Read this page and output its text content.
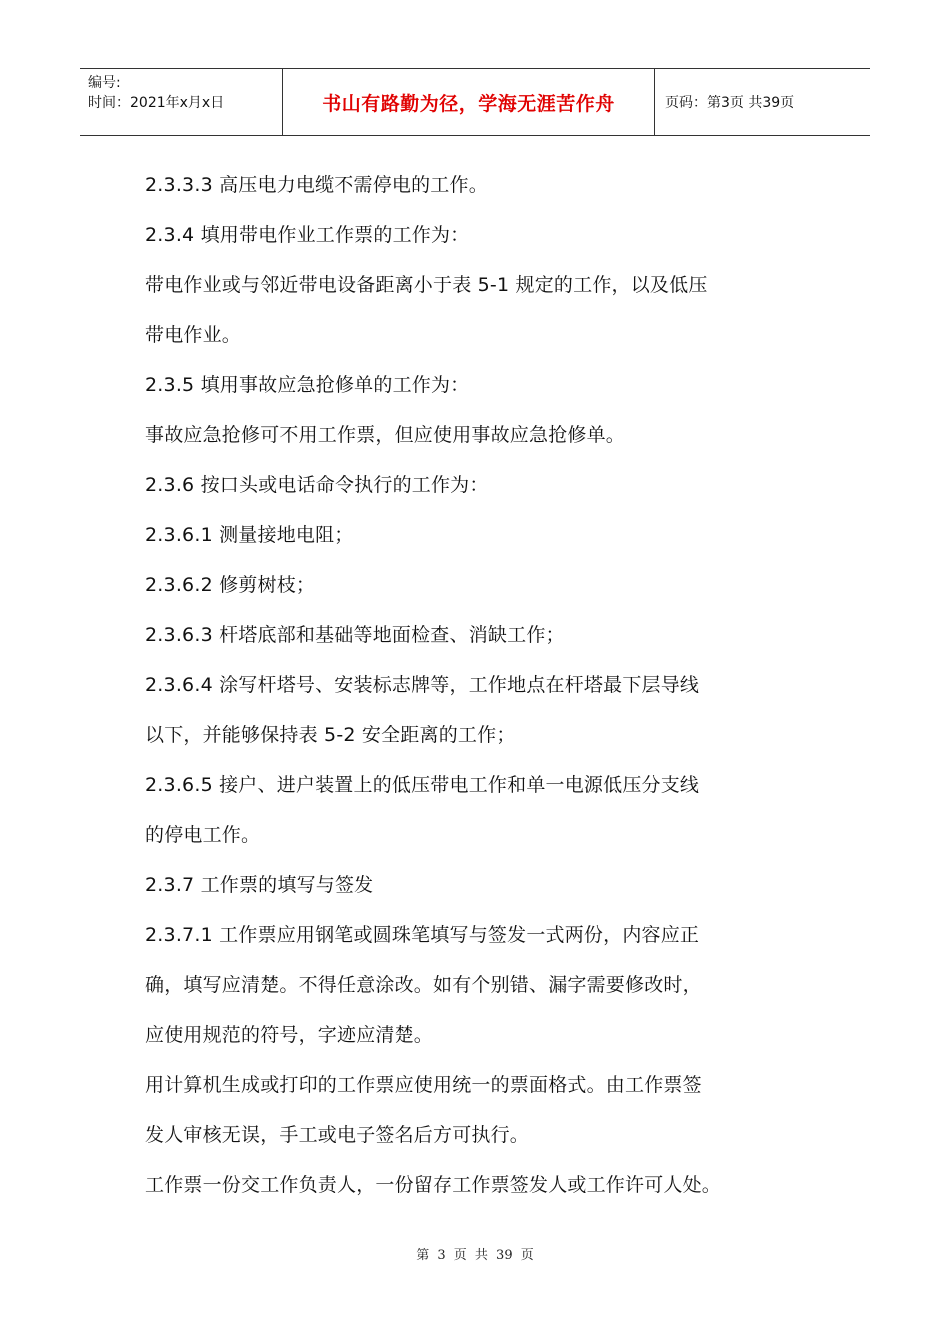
编号:
时间：2021年x月x日	书山有路勤为径，学海无涯苦作舟	页码：第3页 共39页

2.3.3.3 高压电力电缆不需停电的工作。

2.3.4 填用带电作业工作票的工作为：

带电作业或与邻近带电设备距离小于表 5-1 规定的工作，以及低压

带电作业。

2.3.5 填用事故应急抢修单的工作为：

事故应急抢修可不用工作票，但应使用事故应急抢修单。

2.3.6 按口头或电话命令执行的工作为：

2.3.6.1 测量接地电阻；

2.3.6.2 修剪树枝；

2.3.6.3 杆塔底部和基础等地面检查、消缺工作；

2.3.6.4 涂写杆塔号、安装标志牌等，工作地点在杆塔最下层导线

以下，并能够保持表 5-2 安全距离的工作；

2.3.6.5 接户、进户装置上的低压带电工作和单一电源低压分支线

的停电工作。

2.3.7 工作票的填写与签发

2.3.7.1 工作票应用钢笔或圆珠笔填写与签发一式两份，内容应正

确，填写应清楚。不得任意涂改。如有个别错、漏字需要修改时，

应使用规范的符号，字迹应清楚。

用计算机生成或打印的工作票应使用统一的票面格式。由工作票签

发人审核无误，手工或电子签名后方可执行。

工作票一份交工作负责人，一份留存工作票签发人或工作许可人处。

第 3 页 共 39 页
